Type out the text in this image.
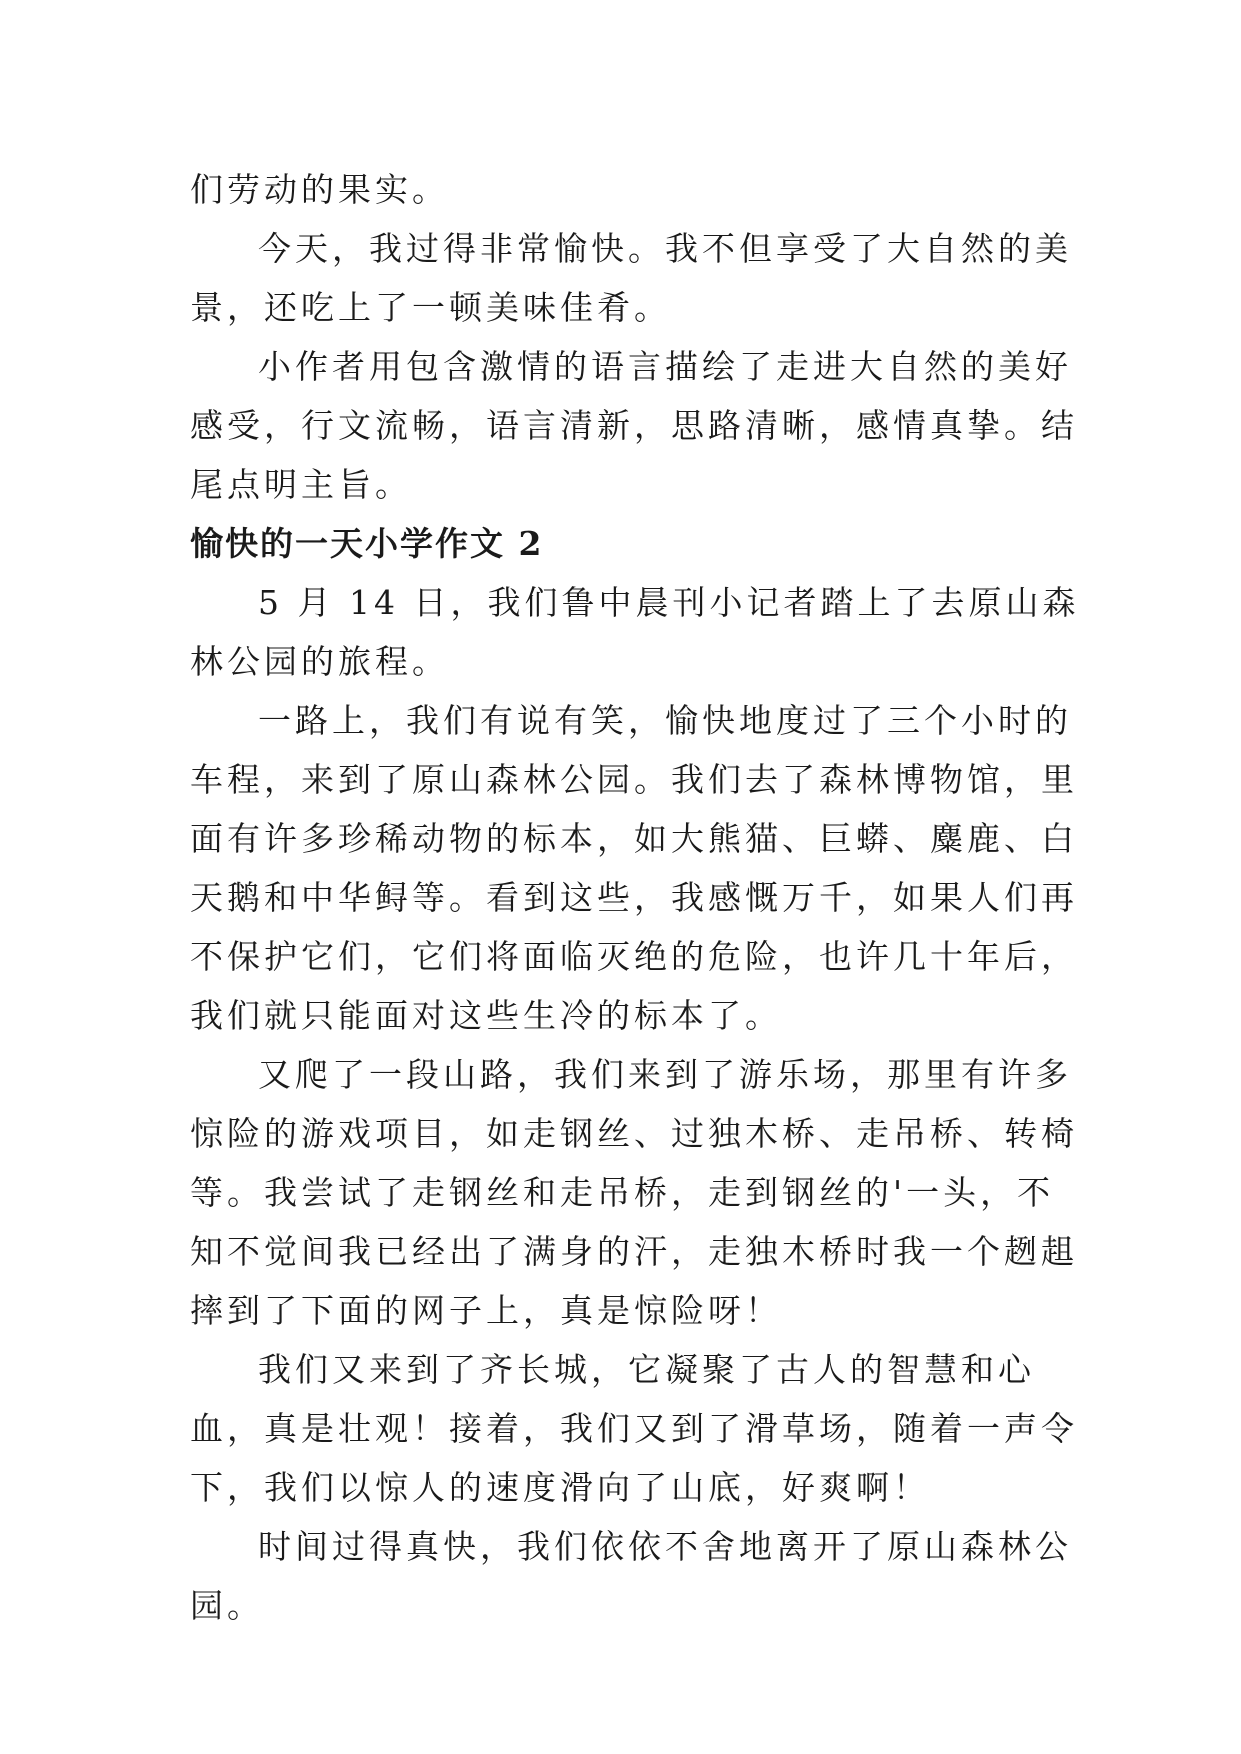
们劳动的果实。

今天，我过得非常愉快。我不但享受了大自然的美景，还吃上了一顿美味佳肴。

小作者用包含激情的语言描绘了走进大自然的美好感受，行文流畅，语言清新，思路清晰，感情真挚。结尾点明主旨。

愉快的一天小学作文 2

5 月 14 日，我们鲁中晨刊小记者踏上了去原山森林公园的旅程。

一路上，我们有说有笑，愉快地度过了三个小时的车程，来到了原山森林公园。我们去了森林博物馆，里面有许多珍稀动物的标本，如大熊猫、巨蟒、麋鹿、白天鹅和中华鲟等。看到这些，我感慨万千，如果人们再不保护它们，它们将面临灭绝的危险，也许几十年后，我们就只能面对这些生冷的标本了。

又爬了一段山路，我们来到了游乐场，那里有许多惊险的游戏项目，如走钢丝、过独木桥、走吊桥、转椅等。我尝试了走钢丝和走吊桥，走到钢丝的'一头，不知不觉间我已经出了满身的汗，走独木桥时我一个趔趄摔到了下面的网子上，真是惊险呀！

我们又来到了齐长城，它凝聚了古人的智慧和心血，真是壮观！接着，我们又到了滑草场，随着一声令下，我们以惊人的速度滑向了山底，好爽啊！

时间过得真快，我们依依不舍地离开了原山森林公园。
